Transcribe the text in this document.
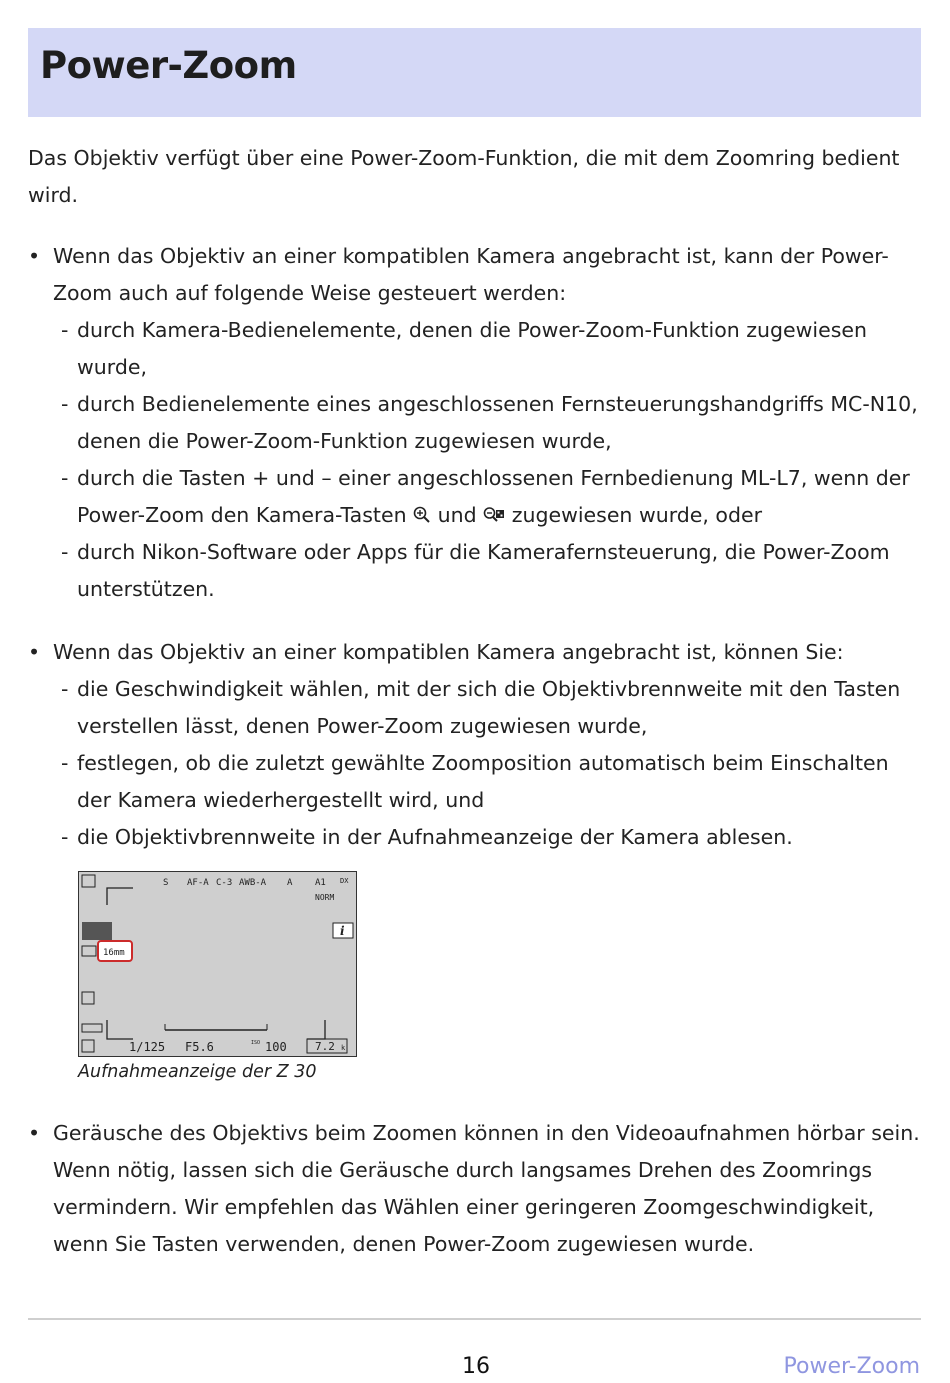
Power-Zoom
Das Objektiv verfügt über eine Power-Zoom-Funktion, die mit dem Zoomring bedient wird.
• Wenn das Objektiv an einer kompatiblen Kamera angebracht ist, kann der Power-Zoom auch auf folgende Weise gesteuert werden:
- durch Kamera-Bedienelemente, denen die Power-Zoom-Funktion zugewiesen wurde,
- durch Bedienelemente eines angeschlossenen Fernsteuerungshandgriffs MC-N10, denen die Power-Zoom-Funktion zugewiesen wurde,
- durch die Tasten + und – einer angeschlossenen Fernbedienung ML-L7, wenn der Power-Zoom den Kamera-Tasten und zugewiesen wurde, oder
- durch Nikon-Software oder Apps für die Kamerafernsteuerung, die Power-Zoom unterstützen.
• Wenn das Objektiv an einer kompatiblen Kamera angebracht ist, können Sie:
- die Geschwindigkeit wählen, mit der sich die Objektivbrennweite mit den Tasten verstellen lässt, denen Power-Zoom zugewiesen wurde,
- festlegen, ob die zuletzt gewählte Zoomposition automatisch beim Einschalten der Kamera wiederhergestellt wird, und
- die Objektivbrennweite in der Aufnahmeanzeige der Kamera ablesen.
S AF-A C-3 AWB-A A	A1 DX
NORM
16mm
i
1/125 F5.6	ISO 100	7.2 k
Aufnahmeanzeige der Z 30
• Geräusche des Objektivs beim Zoomen können in den Videoaufnahmen hörbar sein. Wenn nötig, lassen sich die Geräusche durch langsames Drehen des Zoomrings vermindern. Wir empfehlen das Wählen einer geringeren Zoomgeschwindigkeit, wenn Sie Tasten verwenden, denen Power-Zoom zugewiesen wurde.
16	Power-Zoom
